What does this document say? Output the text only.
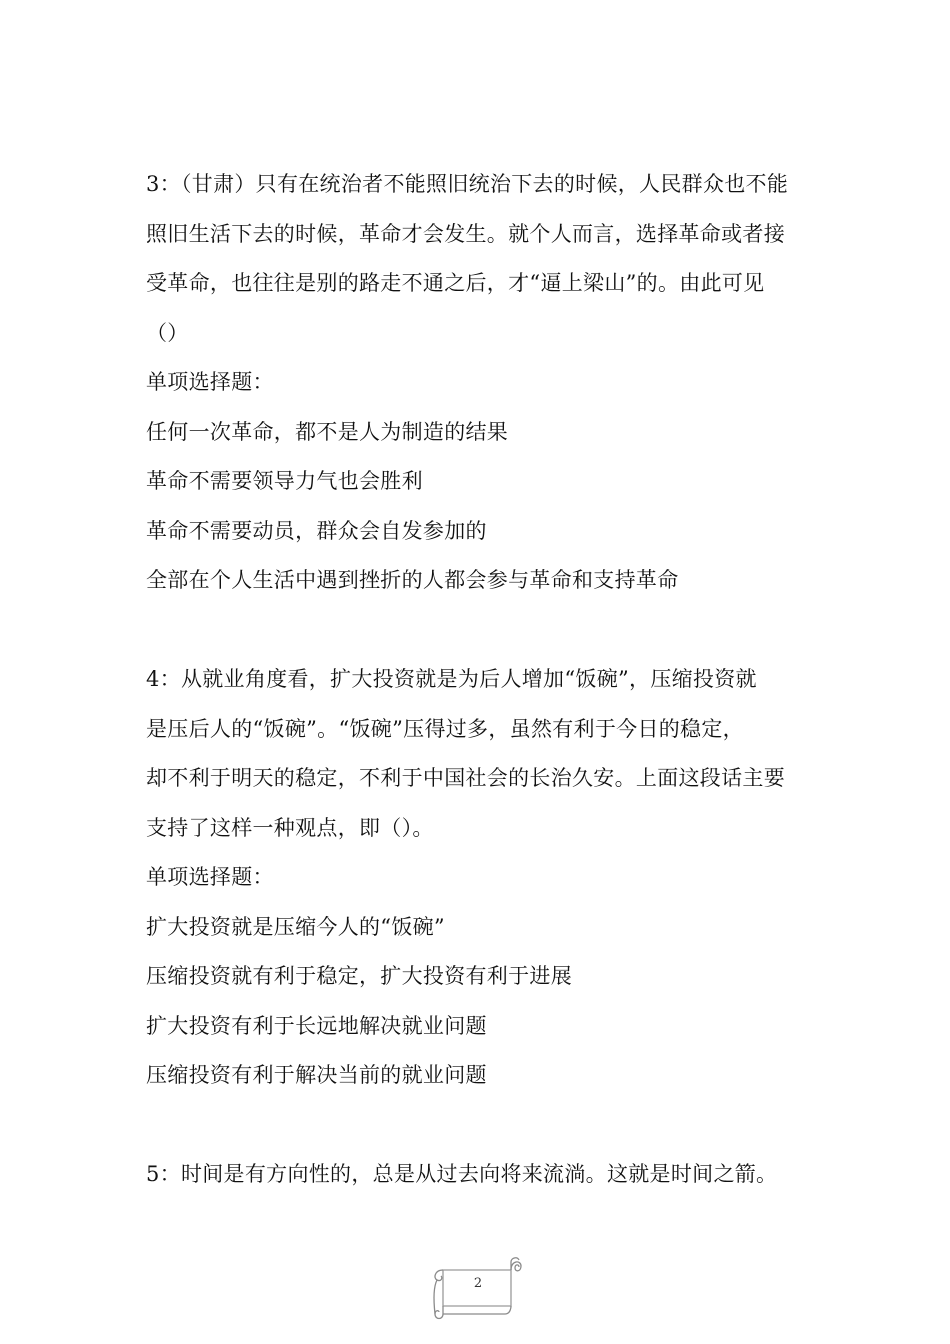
3：（甘肃）只有在统治者不能照旧统治下去的时候，人民群众也不能
照旧生活下去的时候，革命才会发生。就个人而言，选择革命或者接
受革命，也往往是别的路走不通之后，才“逼上梁山”的。由此可见
（）
单项选择题：
任何一次革命，都不是人为制造的结果
革命不需要领导力气也会胜利
革命不需要动员，群众会自发参加的
全部在个人生活中遇到挫折的人都会参与革命和支持革命
4：从就业角度看，扩大投资就是为后人增加“饭碗”，压缩投资就
是压后人的“饭碗”。“饭碗”压得过多，虽然有利于今日的稳定，
却不利于明天的稳定，不利于中国社会的长治久安。上面这段话主要
支持了这样一种观点，即（）。
单项选择题：
扩大投资就是压缩今人的“饭碗”
压缩投资就有利于稳定，扩大投资有利于进展
扩大投资有利于长远地解决就业问题
压缩投资有利于解决当前的就业问题
5：时间是有方向性的，总是从过去向将来流淌。这就是时间之箭。
2
